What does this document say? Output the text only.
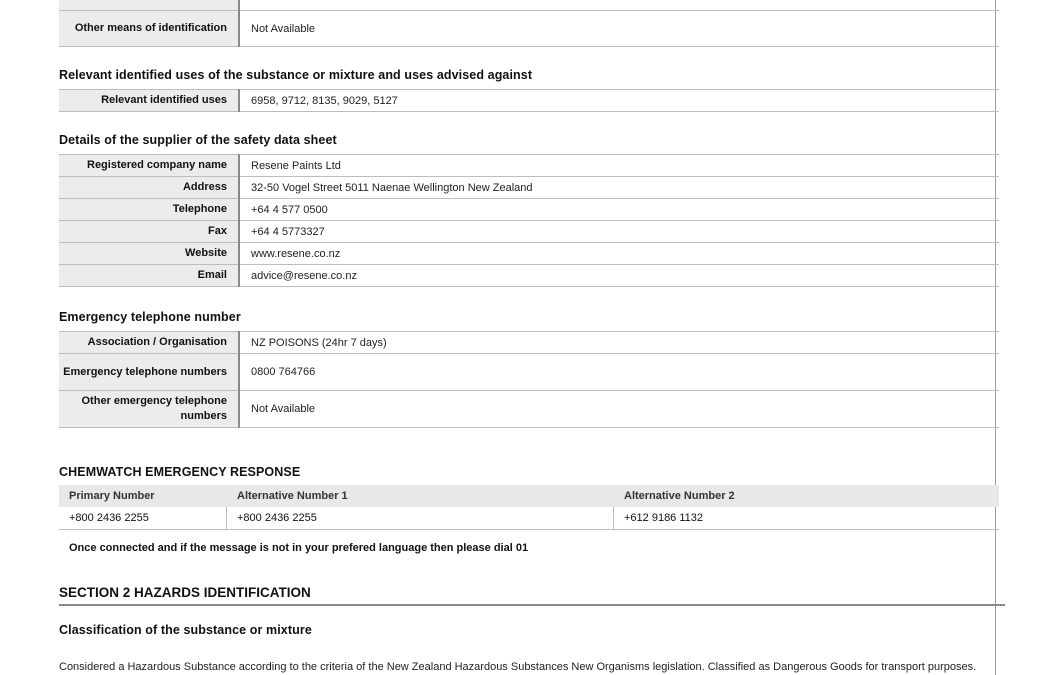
Other means of identification	Not Available
Relevant identified uses of the substance or mixture and uses advised against
Relevant identified uses	6958, 9712, 8135, 9029, 5127
Details of the supplier of the safety data sheet
Registered company name	Resene Paints Ltd
Address	32-50 Vogel Street 5011 Naenae Wellington New Zealand
Telephone	+64 4 577 0500
Fax	+64 4 5773327
Website	www.resene.co.nz
Email	advice@resene.co.nz
Emergency telephone number
Association / Organisation	NZ POISONS (24hr 7 days)
Emergency telephone numbers	0800 764766
Other emergency telephone numbers	Not Available
CHEMWATCH EMERGENCY RESPONSE
Primary Number	Alternative Number 1	Alternative Number 2
+800 2436 2255	+800 2436 2255	+612 9186 1132
Once connected and if the message is not in your prefered language then please dial 01
SECTION 2 HAZARDS IDENTIFICATION
Classification of the substance or mixture
Considered a Hazardous Substance according to the criteria of the New Zealand Hazardous Substances New Organisms legislation. Classified as Dangerous Goods for transport purposes.
